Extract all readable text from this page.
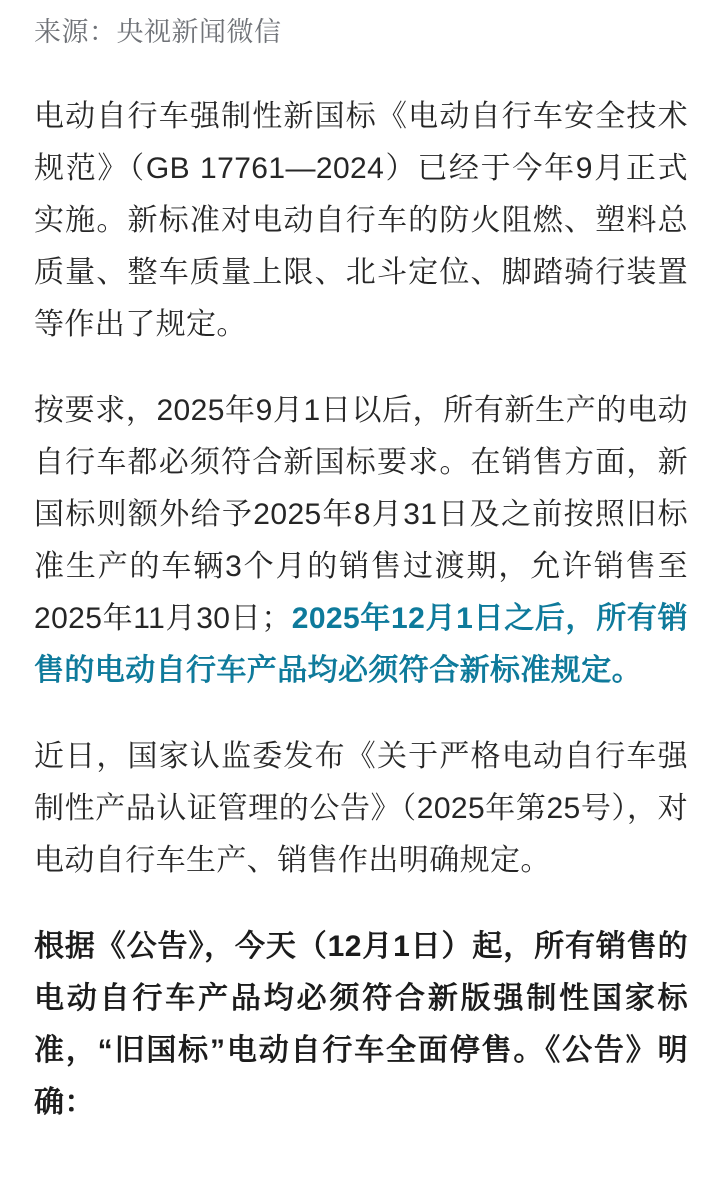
来源：央视新闻微信

电动自行车强制性新国标《电动自行车安全技术规范》（GB 17761—2024）已经于今年9月正式实施。新标准对电动自行车的防火阻燃、塑料总质量、整车质量上限、北斗定位、脚踏骑行装置等作出了规定。

按要求，2025年9月1日以后，所有新生产的电动自行车都必须符合新国标要求。在销售方面，新国标则额外给予2025年8月31日及之前按照旧标准生产的车辆3个月的销售过渡期，允许销售至2025年11月30日；2025年12月1日之后，所有销售的电动自行车产品均必须符合新标准规定。

近日，国家认监委发布《关于严格电动自行车强制性产品认证管理的公告》（2025年第25号），对电动自行车生产、销售作出明确规定。

根据《公告》，今天（12月1日）起，所有销售的电动自行车产品均必须符合新版强制性国家标准，“旧国标”电动自行车全面停售。《公告》明确：
